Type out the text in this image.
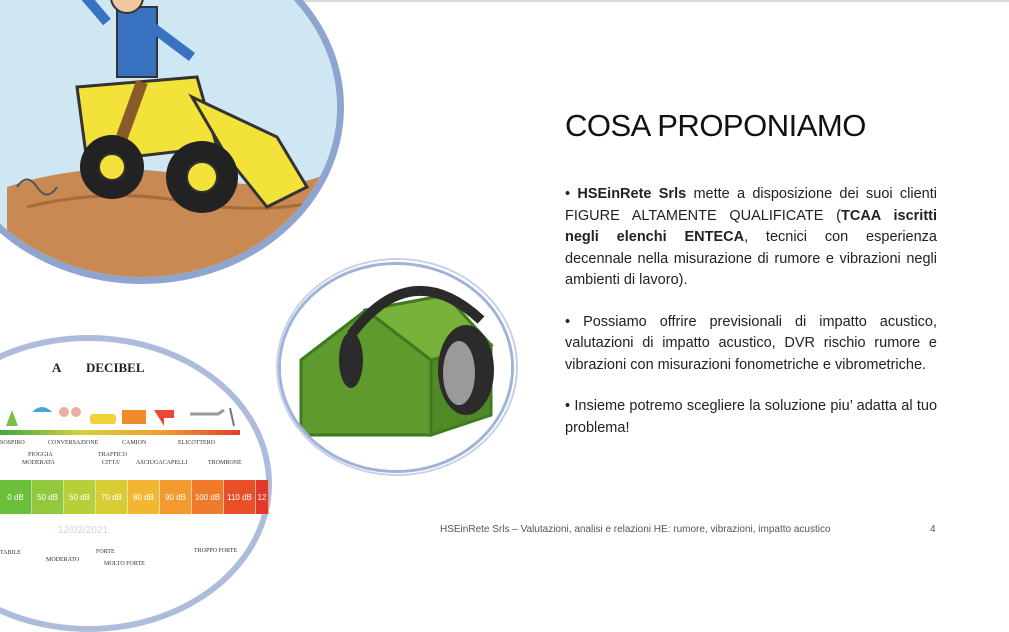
A DECIBEL
SOSPIRO	CONVERSAZIONE	CAMION	ELICOTTERO
PIOGGIA
MODERATA
TRAFFICO
CITTA'	ASCIUGACAPELLI	TROMBONE
0 dB	50 dB	50 dB	70 dB	80 dB	90 dB	100 dB 110 dB 12
12/02/2021
TABILE
MODERATO
FORTE
MOLTO FORTE
TROPPO FORTE
COSA PROPONIAMO

• HSEinRete Srls mette a disposizione dei suoi clienti FIGURE ALTAMENTE QUALIFICATE (TCAA iscritti negli elenchi ENTECA, tecnici con esperienza decennale nella misurazione di rumore e vibrazioni negli ambienti di lavoro).

• Possiamo offrire previsionali di impatto acustico, valutazioni di impatto acustico, DVR rischio rumore e vibrazioni con misurazioni fonometriche e vibrometriche.

• Insieme potremo scegliere la soluzione piu’ adatta al tuo problema!

HSEinRete Srls – Valutazioni, analisi e relazioni HE: rumore, vibrazioni, impatto acustico	4
